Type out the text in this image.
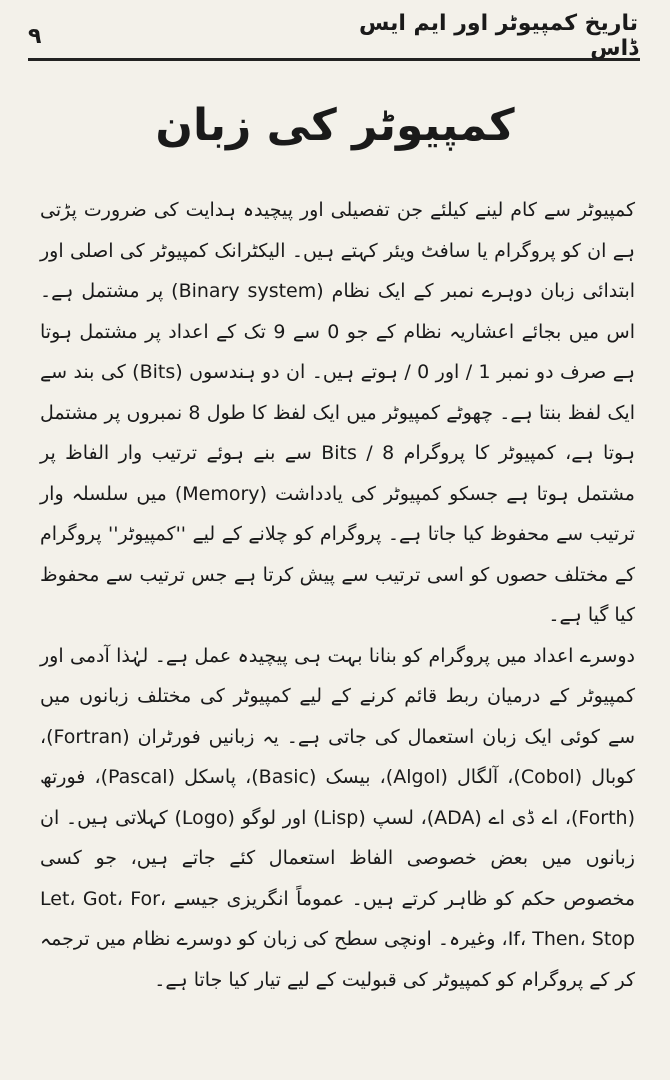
۹	تاریخ کمپیوٹر اور ایم ایس ڈاس
کمپیوٹر کی زبان

کمپیوٹر سے کام لینے کیلئے جن تفصیلی اور پیچیدہ ہدایت کی ضرورت پڑتی ہے ان کو پروگرام یا سافٹ ویئر کہتے ہیں۔ الیکٹرانک کمپیوٹر کی اصلی اور ابتدائی زبان دوہرے نمبر کے ایک نظام (Binary system) پر مشتمل ہے۔ اس میں بجائے اعشاریہ نظام کے جو 0 سے 9 تک کے اعداد پر مشتمل ہوتا ہے صرف دو نمبر 1 / اور 0 / ہوتے ہیں۔ ان دو ہندسوں (Bits) کی بند سے ایک لفظ بنتا ہے۔ چھوٹے کمپیوٹر میں ایک لفظ کا طول 8 نمبروں پر مشتمل ہوتا ہے، کمپیوٹر کا پروگرام 8 / Bits سے بنے ہوئے ترتیب وار الفاظ پر مشتمل ہوتا ہے جسکو کمپیوٹر کی یادداشت (Memory) میں سلسلہ وار ترتیب سے محفوظ کیا جاتا ہے۔ پروگرام کو چلانے کے لیے ''کمپیوٹر'' پروگرام کے مختلف حصوں کو اسی ترتیب سے پیش کرتا ہے جس ترتیب سے محفوظ کیا گیا ہے۔

دوسرے اعداد میں پروگرام کو بنانا بہت ہی پیچیدہ عمل ہے۔ لہٰذا آدمی اور کمپیوٹر کے درمیان ربط قائم کرنے کے لیے کمپیوٹر کی مختلف زبانوں میں سے کوئی ایک زبان استعمال کی جاتی ہے۔ یہ زبانیں فورٹران (Fortran)، کوبال (Cobol)، آلگال (Algol)، بیسک (Basic)، پاسکل (Pascal)، فورتھ (Forth)، اے ڈی اے (ADA)، لسپ (Lisp) اور لوگو (Logo) کہلاتی ہیں۔ ان زبانوں میں بعض خصوصی الفاظ استعمال کئے جاتے ہیں، جو کسی مخصوص حکم کو ظاہر کرتے ہیں۔ عموماً انگریزی جیسے Let، Got، For، If، Then، Stop، وغیرہ۔ اونچی سطح کی زبان کو دوسرے نظام میں ترجمہ کر کے پروگرام کو کمپیوٹر کی قبولیت کے لیے تیار کیا جاتا ہے۔
